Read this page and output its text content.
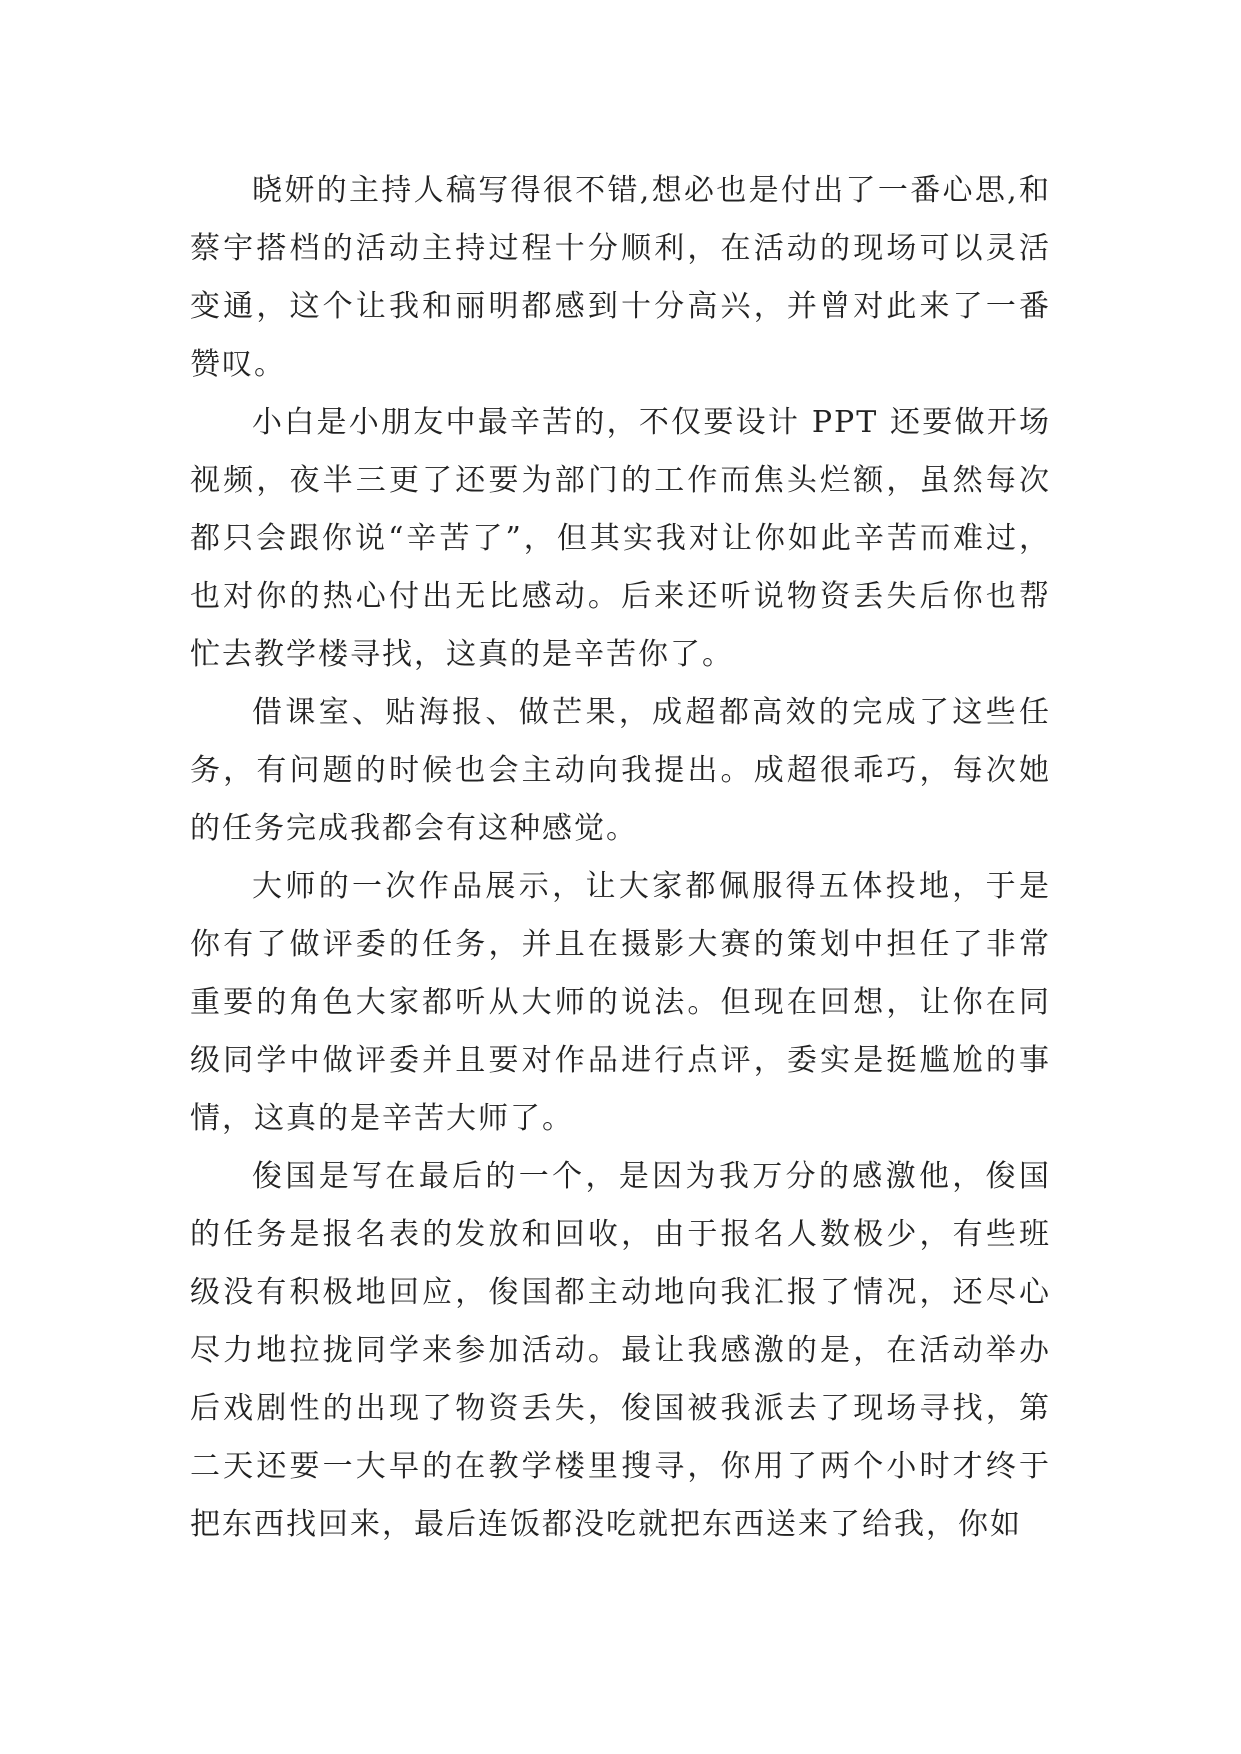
晓妍的主持人稿写得很不错,想必也是付出了一番心思,和蔡宇搭档的活动主持过程十分顺利，在活动的现场可以灵活变通，这个让我和丽明都感到十分高兴，并曾对此来了一番赞叹。

小白是小朋友中最辛苦的，不仅要设计 PPT 还要做开场视频，夜半三更了还要为部门的工作而焦头烂额，虽然每次都只会跟你说“辛苦了”，但其实我对让你如此辛苦而难过，也对你的热心付出无比感动。后来还听说物资丢失后你也帮忙去教学楼寻找，这真的是辛苦你了。

借课室、贴海报、做芒果，成超都高效的完成了这些任务，有问题的时候也会主动向我提出。成超很乖巧，每次她的任务完成我都会有这种感觉。

大师的一次作品展示，让大家都佩服得五体投地，于是你有了做评委的任务，并且在摄影大赛的策划中担任了非常重要的角色大家都听从大师的说法。但现在回想，让你在同级同学中做评委并且要对作品进行点评，委实是挺尴尬的事情，这真的是辛苦大师了。

俊国是写在最后的一个，是因为我万分的感激他，俊国的任务是报名表的发放和回收，由于报名人数极少，有些班级没有积极地回应，俊国都主动地向我汇报了情况，还尽心尽力地拉拢同学来参加活动。最让我感激的是，在活动举办后戏剧性的出现了物资丢失，俊国被我派去了现场寻找，第二天还要一大早的在教学楼里搜寻，你用了两个小时才终于把东西找回来，最后连饭都没吃就把东西送来了给我，你如
